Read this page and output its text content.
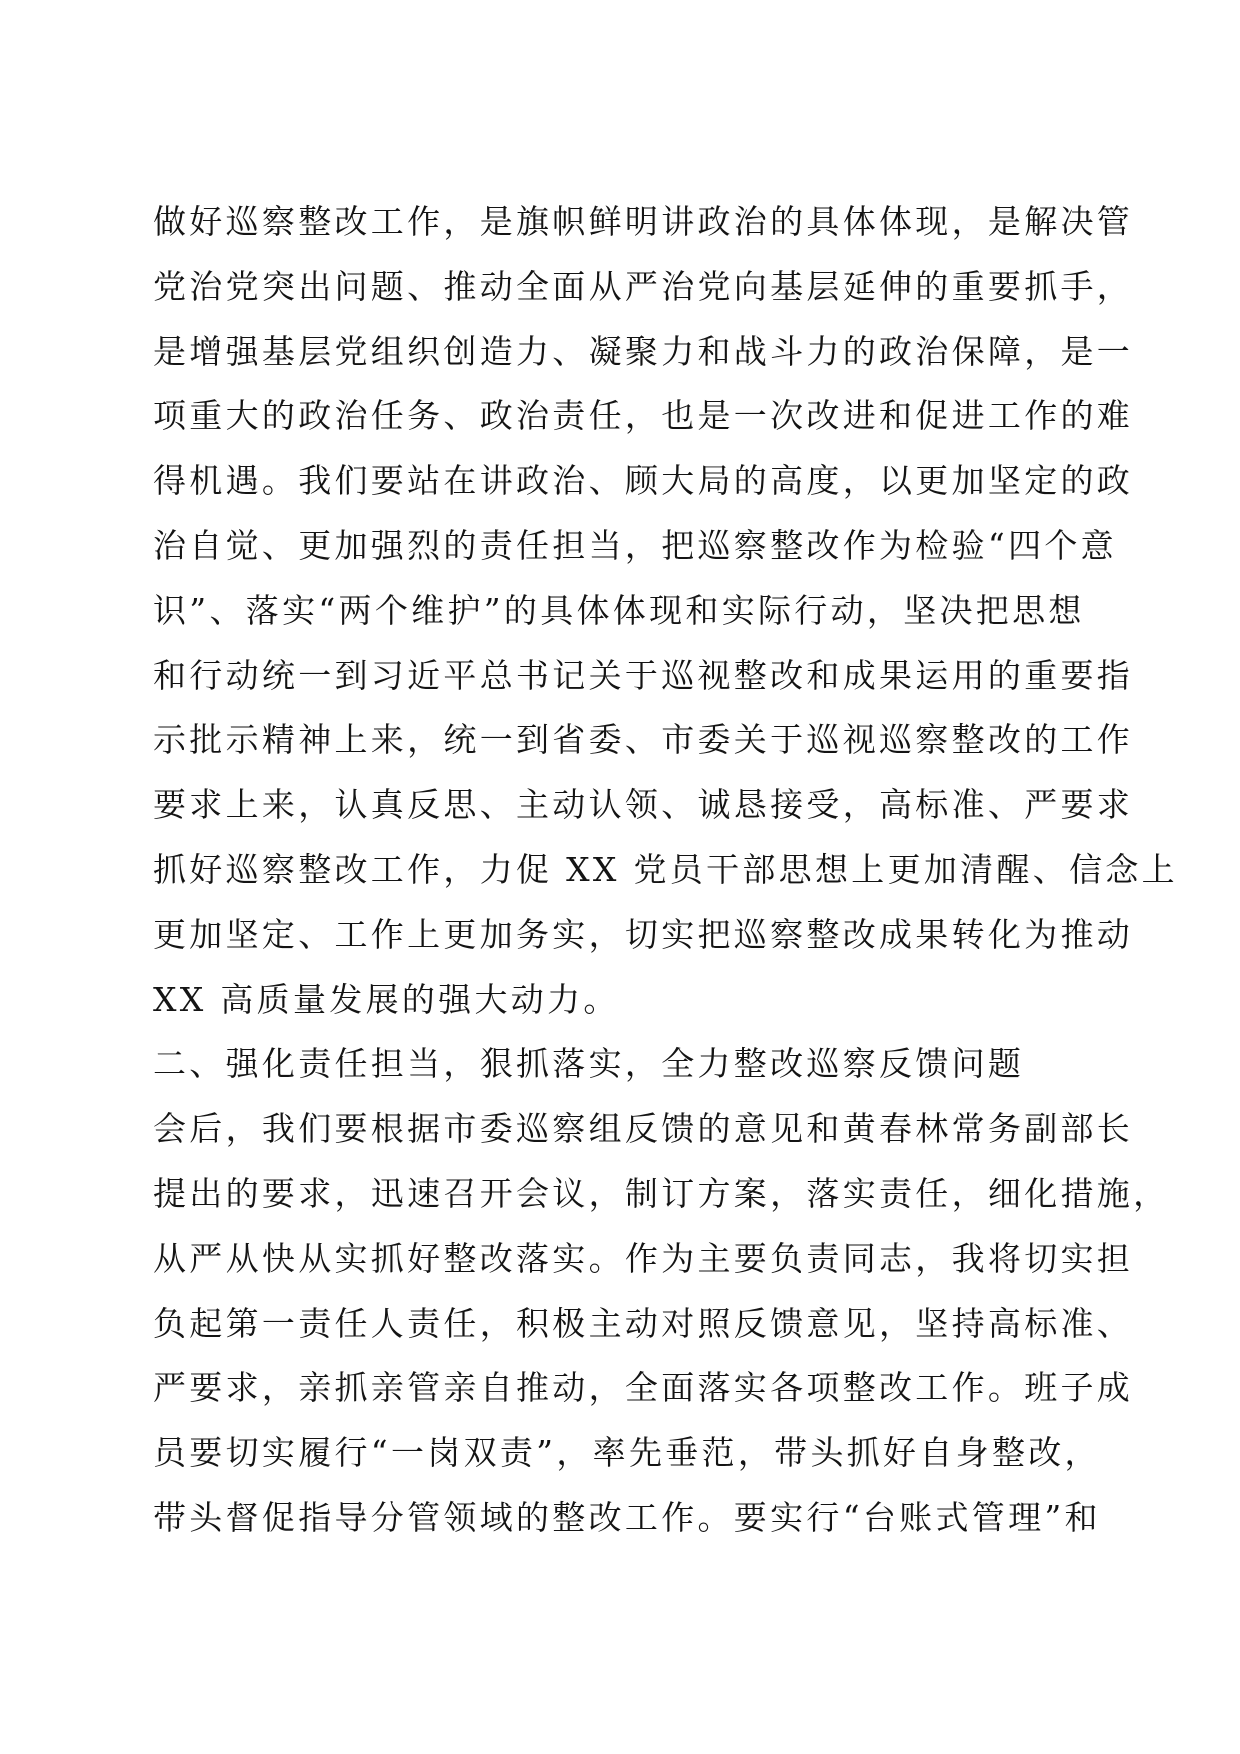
做好巡察整改工作，是旗帜鲜明讲政治的具体体现，是解决管
党治党突出问题、推动全面从严治党向基层延伸的重要抓手，
是增强基层党组织创造力、凝聚力和战斗力的政治保障，是一
项重大的政治任务、政治责任，也是一次改进和促进工作的难
得机遇。我们要站在讲政治、顾大局的高度，以更加坚定的政
治自觉、更加强烈的责任担当，把巡察整改作为检验“四个意
识”、落实“两个维护”的具体体现和实际行动，坚决把思想
和行动统一到习近平总书记关于巡视整改和成果运用的重要指
示批示精神上来，统一到省委、市委关于巡视巡察整改的工作
要求上来，认真反思、主动认领、诚恳接受，高标准、严要求
抓好巡察整改工作，力促 XX 党员干部思想上更加清醒、信念上
更加坚定、工作上更加务实，切实把巡察整改成果转化为推动
XX 高质量发展的强大动力。
二、强化责任担当，狠抓落实，全力整改巡察反馈问题
会后，我们要根据市委巡察组反馈的意见和黄春林常务副部长
提出的要求，迅速召开会议，制订方案，落实责任，细化措施，
从严从快从实抓好整改落实。作为主要负责同志，我将切实担
负起第一责任人责任，积极主动对照反馈意见，坚持高标准、
严要求，亲抓亲管亲自推动，全面落实各项整改工作。班子成
员要切实履行“一岗双责”，率先垂范，带头抓好自身整改，
带头督促指导分管领域的整改工作。要实行“台账式管理”和
